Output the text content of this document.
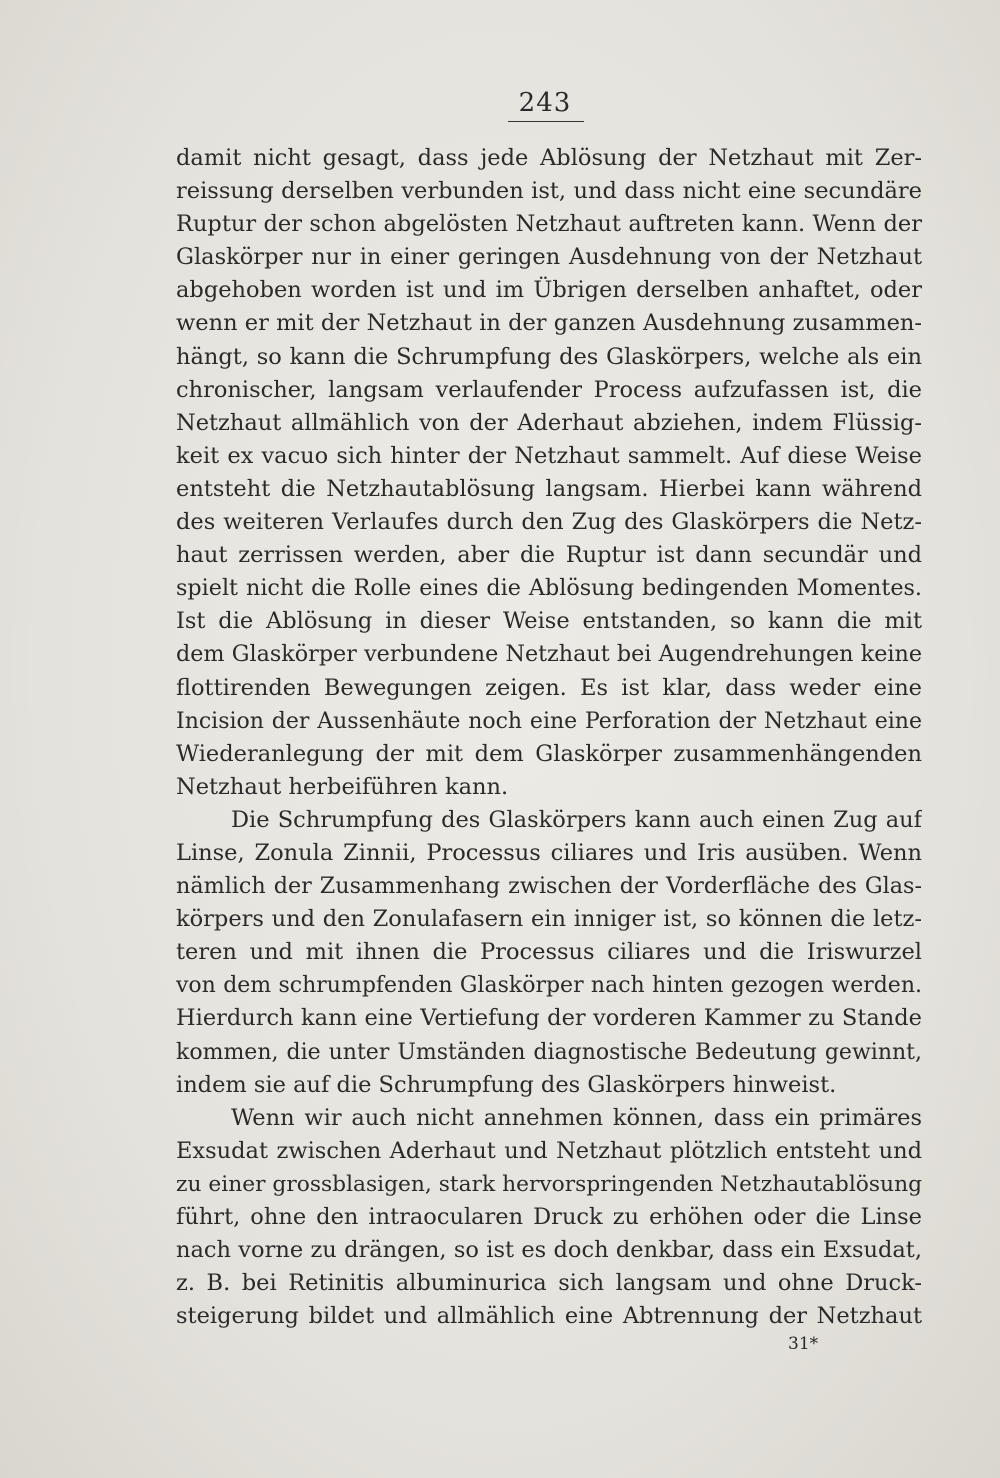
243
damit nicht gesagt, dass jede Ablösung der Netzhaut mit Zer-
reissung derselben verbunden ist, und dass nicht eine secundäre
Ruptur der schon abgelösten Netzhaut auftreten kann. Wenn der
Glaskörper nur in einer geringen Ausdehnung von der Netzhaut
abgehoben worden ist und im Übrigen derselben anhaftet, oder
wenn er mit der Netzhaut in der ganzen Ausdehnung zusammen-
hängt, so kann die Schrumpfung des Glaskörpers, welche als ein
chronischer, langsam verlaufender Process aufzufassen ist, die
Netzhaut allmählich von der Aderhaut abziehen, indem Flüssig-
keit ex vacuo sich hinter der Netzhaut sammelt. Auf diese Weise
entsteht die Netzhautablösung langsam. Hierbei kann während
des weiteren Verlaufes durch den Zug des Glaskörpers die Netz-
haut zerrissen werden, aber die Ruptur ist dann secundär und
spielt nicht die Rolle eines die Ablösung bedingenden Momentes.
Ist die Ablösung in dieser Weise entstanden, so kann die mit
dem Glaskörper verbundene Netzhaut bei Augendrehungen keine
flottirenden Bewegungen zeigen. Es ist klar, dass weder eine
Incision der Aussenhäute noch eine Perforation der Netzhaut eine
Wiederanlegung der mit dem Glaskörper zusammenhängenden
Netzhaut herbeiführen kann.
Die Schrumpfung des Glaskörpers kann auch einen Zug auf
Linse, Zonula Zinnii, Processus ciliares und Iris ausüben. Wenn
nämlich der Zusammenhang zwischen der Vorderfläche des Glas-
körpers und den Zonulafasern ein inniger ist, so können die letz-
teren und mit ihnen die Processus ciliares und die Iriswurzel
von dem schrumpfenden Glaskörper nach hinten gezogen werden.
Hierdurch kann eine Vertiefung der vorderen Kammer zu Stande
kommen, die unter Umständen diagnostische Bedeutung gewinnt,
indem sie auf die Schrumpfung des Glaskörpers hinweist.
Wenn wir auch nicht annehmen können, dass ein primäres
Exsudat zwischen Aderhaut und Netzhaut plötzlich entsteht und
zu einer grossblasigen, stark hervorspringenden Netzhautablösung
führt, ohne den intraocularen Druck zu erhöhen oder die Linse
nach vorne zu drängen, so ist es doch denkbar, dass ein Exsudat,
z. B. bei Retinitis albuminurica sich langsam und ohne Druck-
steigerung bildet und allmählich eine Abtrennung der Netzhaut
31*
